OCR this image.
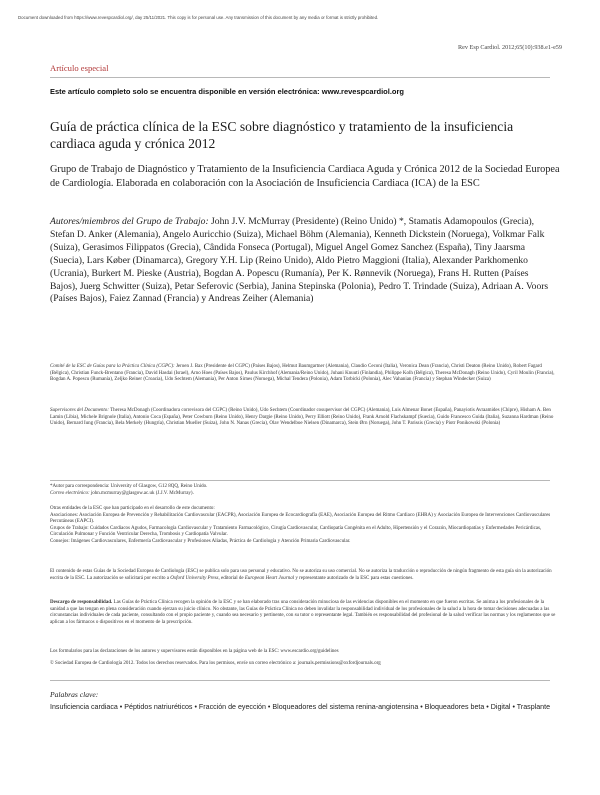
Document downloaded from https://www.revespcardiol.org/, day 25/11/2021. This copy is for personal use. Any transmission of this document by any media or format is strictly prohibited.
Rev Esp Cardiol. 2012;65(10):938.e1-e59
Artículo especial
Este artículo completo solo se encuentra disponible en versión electrónica: www.revespcardiol.org
Guía de práctica clínica de la ESC sobre diagnóstico y tratamiento de la insuficiencia cardiaca aguda y crónica 2012

Grupo de Trabajo de Diagnóstico y Tratamiento de la Insuficiencia Cardiaca Aguda y Crónica 2012 de la Sociedad Europea de Cardiología. Elaborada en colaboración con la Asociación de Insuficiencia Cardiaca (ICA) de la ESC

Autores/miembros del Grupo de Trabajo: John J.V. McMurray (Presidente) (Reino Unido) *, Stamatis Adamopoulos (Grecia), Stefan D. Anker (Alemania), Angelo Auricchio (Suiza), Michael Böhm (Alemania), Kenneth Dickstein (Noruega), Volkmar Falk (Suiza), Gerasimos Filippatos (Grecia), Cândida Fonseca (Portugal), Miguel Angel Gomez Sanchez (España), Tiny Jaarsma (Suecia), Lars Køber (Dinamarca), Gregory Y.H. Lip (Reino Unido), Aldo Pietro Maggioni (Italia), Alexander Parkhomenko (Ucrania), Burkert M. Pieske (Austria), Bogdan A. Popescu (Rumanía), Per K. Rønnevik (Noruega), Frans H. Rutten (Países Bajos), Juerg Schwitter (Suiza), Petar Seferovic (Serbia), Janina Stepinska (Polonia), Pedro T. Trindade (Suiza), Adriaan A. Voors (Países Bajos), Faiez Zannad (Francia) y Andreas Zeiher (Alemania)

Comité de la ESC de Guías para la Práctica Clínica (CGPC): Jeroen J. Bax (Presidente del CGPC) (Países Bajos), Helmut Baumgartner (Alemania), Claudio Ceconi (Italia), Veronica Dean (Francia), Christi Deaton (Reino Unido), Robert Fagard (Bélgica), Christian Funck-Brentano (Francia), David Hasdai (Israel), Arno Hoes (Países Bajos), Paulus Kirchhof (Alemania/Reino Unido), Juhani Knuuti (Finlandia), Philippe Kolh (Bélgica), Theresa McDonagh (Reino Unido), Cyril Moulin (Francia), Bogdan A. Popescu (Rumanía), Zeljko Reiner (Croacia), Udo Sechtem (Alemania), Per Anton Sirnes (Noruega), Michal Tendera (Polonia), Adam Torbicki (Polonia), Alec Vahanian (Francia) y Stephan Windecker (Suiza)

Supervisores del Documento: Theresa McDonagh (Coordinadora correvisora del CGPC) (Reino Unido), Udo Sechtem (Coordinador cosupervisor del CGPC) (Alemania), Luis Almenar Bonet (España), Panayiotis Avraamides (Chipre), Hisham A. Ben Lamin (Libia), Michele Brignole (Italia), Antonio Coca (España), Peter Cowburn (Reino Unido), Henry Dargie (Reino Unido), Perry Elliott (Reino Unido), Frank Arnold Flachskampf (Suecia), Guido Francesco Guida (Italia), Suzanna Hardman (Reino Unido), Bernard Iung (Francia), Bela Merkely (Hungría), Christian Mueller (Suiza), John N. Nanas (Grecia), Olav Wendelboe Nielsen (Dinamarca), Stein Ørn (Noruega), John T. Parissis (Grecia) y Piotr Ponikowski (Polonia)

*Autor para correspondencia: University of Glasgow, G12 8QQ, Reino Unido.
Correo electrónico: john.mcmurray@glasgow.ac.uk (J.J.V. McMurray).
Otras entidades de la ESC que han participado en el desarrollo de este documento:
Asociaciones: Asociación Europea de Prevención y Rehabilitación Cardiovascular (EACPR), Asociación Europea de Ecocardiografía (EAE), Asociación Europea del Ritmo Cardiaco (EHRA) y Asociación Europea de Intervenciones Cardiovasculares Percutáneas (EAPCI).
Grupos de Trabajo: Cuidados Cardiacos Agudos, Farmacología Cardiovascular y Tratamiento Farmacológico, Cirugía Cardiovascular, Cardiopatía Congénita en el Adulto, Hipertensión y el Corazón, Miocardiopatías y Enfermedades Pericárdicas, Circulación Pulmonar y Función Ventricular Derecha, Trombosis y Cardiopatía Valvular.
Consejos: Imágenes Cardiovasculares, Enfermería Cardiovascular y Profesiones Aliadas, Práctica de Cardiología y Atención Primaria Cardiovascular.

El contenido de estas Guías de la Sociedad Europea de Cardiología (ESC) se publica solo para uso personal y educativo. No se autoriza su uso comercial. No se autoriza la traducción o reproducción de ningún fragmento de esta guía sin la autorización escrita de la ESC. La autorización se solicitará por escrito a Oxford University Press, editorial de European Heart Journal y representante autorizado de la ESC para estas cuestiones.

Descargo de responsabilidad. Las Guías de Práctica Clínica recogen la opinión de la ESC y se han elaborado tras una consideración minuciosa de las evidencias disponibles en el momento en que fueron escritas. Se anima a los profesionales de la sanidad a que las tengan en plena consideración cuando ejerzan su juicio clínico. No obstante, las Guías de Práctica Clínica no deben invalidar la responsabilidad individual de los profesionales de la salud a la hora de tomar decisiones adecuadas a las circunstancias individuales de cada paciente, consultando con el propio paciente y, cuando sea necesario y pertinente, con su tutor o representante legal. También es responsabilidad del profesional de la salud verificar las normas y los reglamentos que se aplican a los fármacos o dispositivos en el momento de la prescripción.

Los formularios para las declaraciones de los autores y supervisores están disponibles en la página web de la ESC: www.escardio.org/guidelines

© Sociedad Europea de Cardiología 2012. Todos los derechos reservados. Para los permisos, envíe un correo electrónico a: journals.permissions@oxfordjournals.org

Palabras clave:

Insuficiencia cardiaca • Péptidos natriuréticos • Fracción de eyección • Bloqueadores del sistema renina-angiotensina • Bloqueadores beta • Digital • Trasplante
